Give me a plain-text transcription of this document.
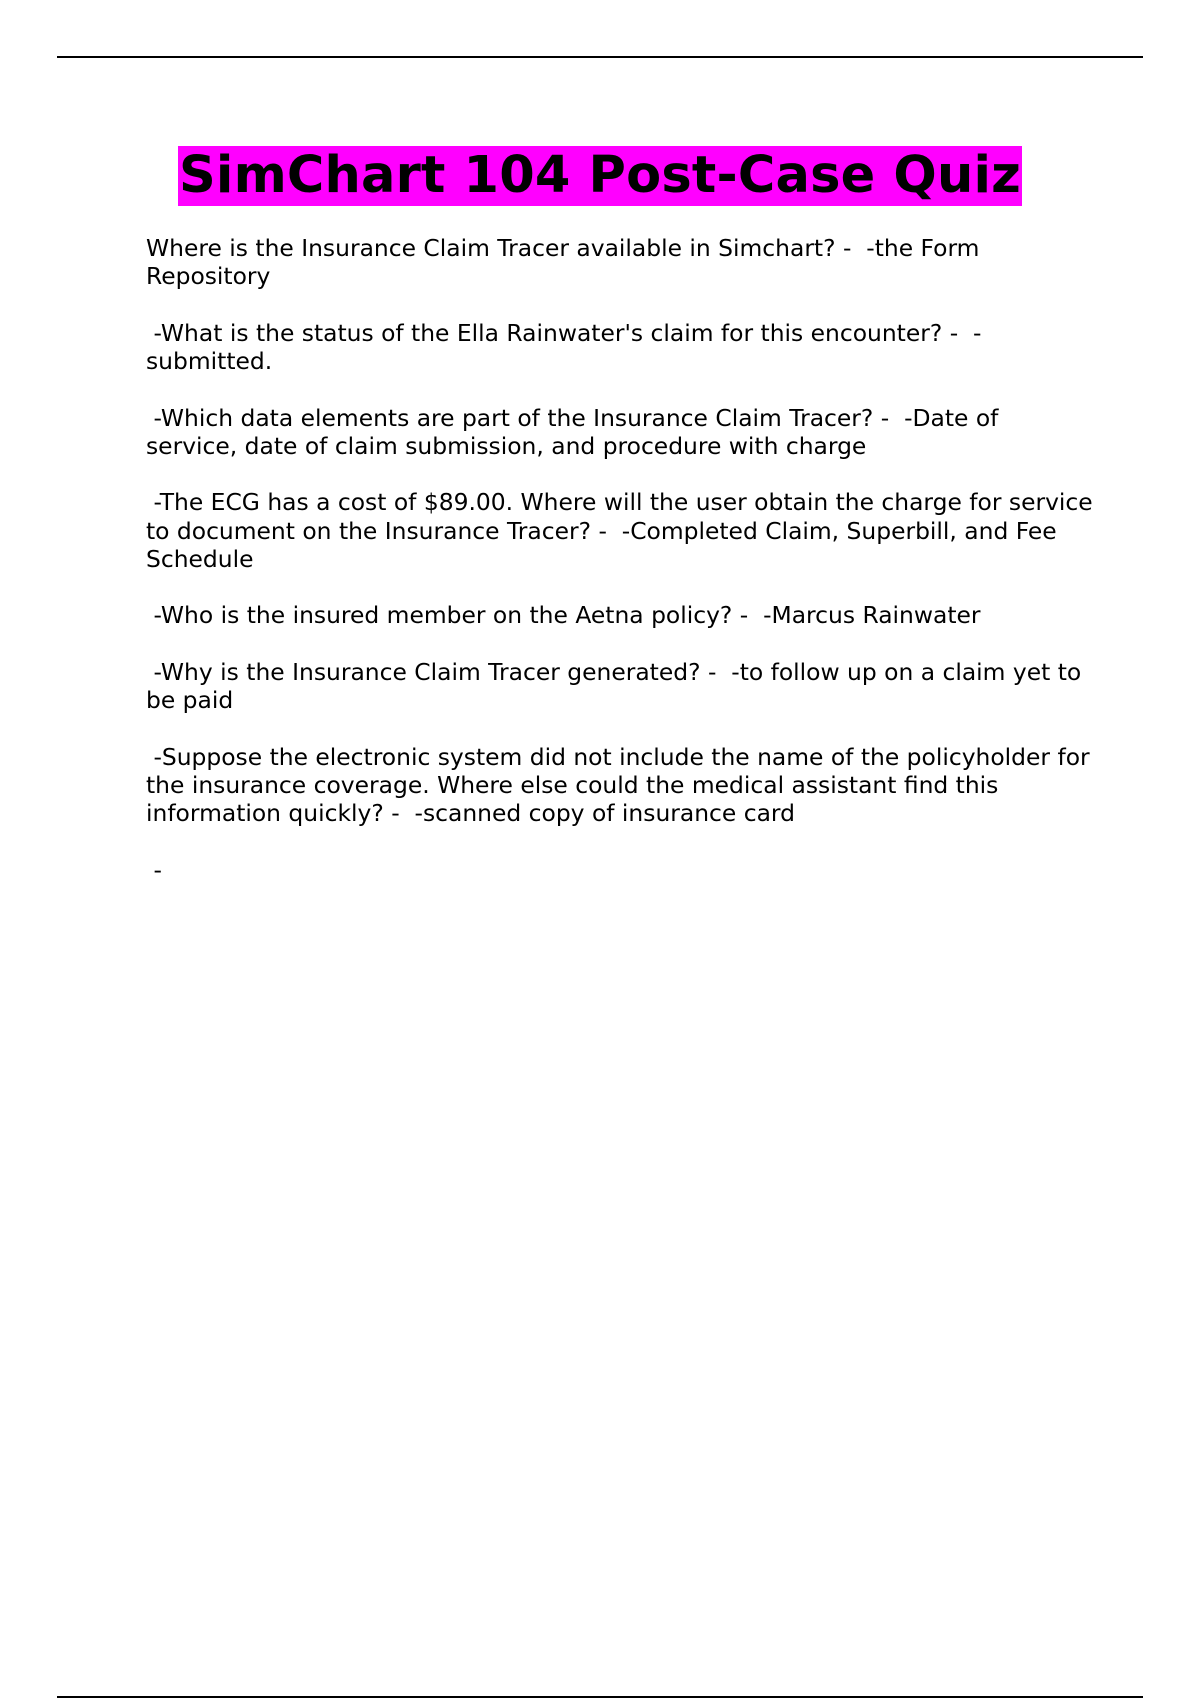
SimChart 104 Post-Case Quiz
Where is the Insurance Claim Tracer available in Simchart? -  -the Form Repository
-What is the status of the Ella Rainwater's claim for this encounter? -  -submitted.
-Which data elements are part of the Insurance Claim Tracer? -  -Date of service, date of claim submission, and procedure with charge
-The ECG has a cost of $89.00. Where will the user obtain the charge for service to document on the Insurance Tracer? -  -Completed Claim, Superbill, and Fee Schedule
-Who is the insured member on the Aetna policy? -  -Marcus Rainwater
-Why is the Insurance Claim Tracer generated? -  -to follow up on a claim yet to be paid
-Suppose the electronic system did not include the name of the policyholder for the insurance coverage. Where else could the medical assistant find this information quickly? -  -scanned copy of insurance card
-
